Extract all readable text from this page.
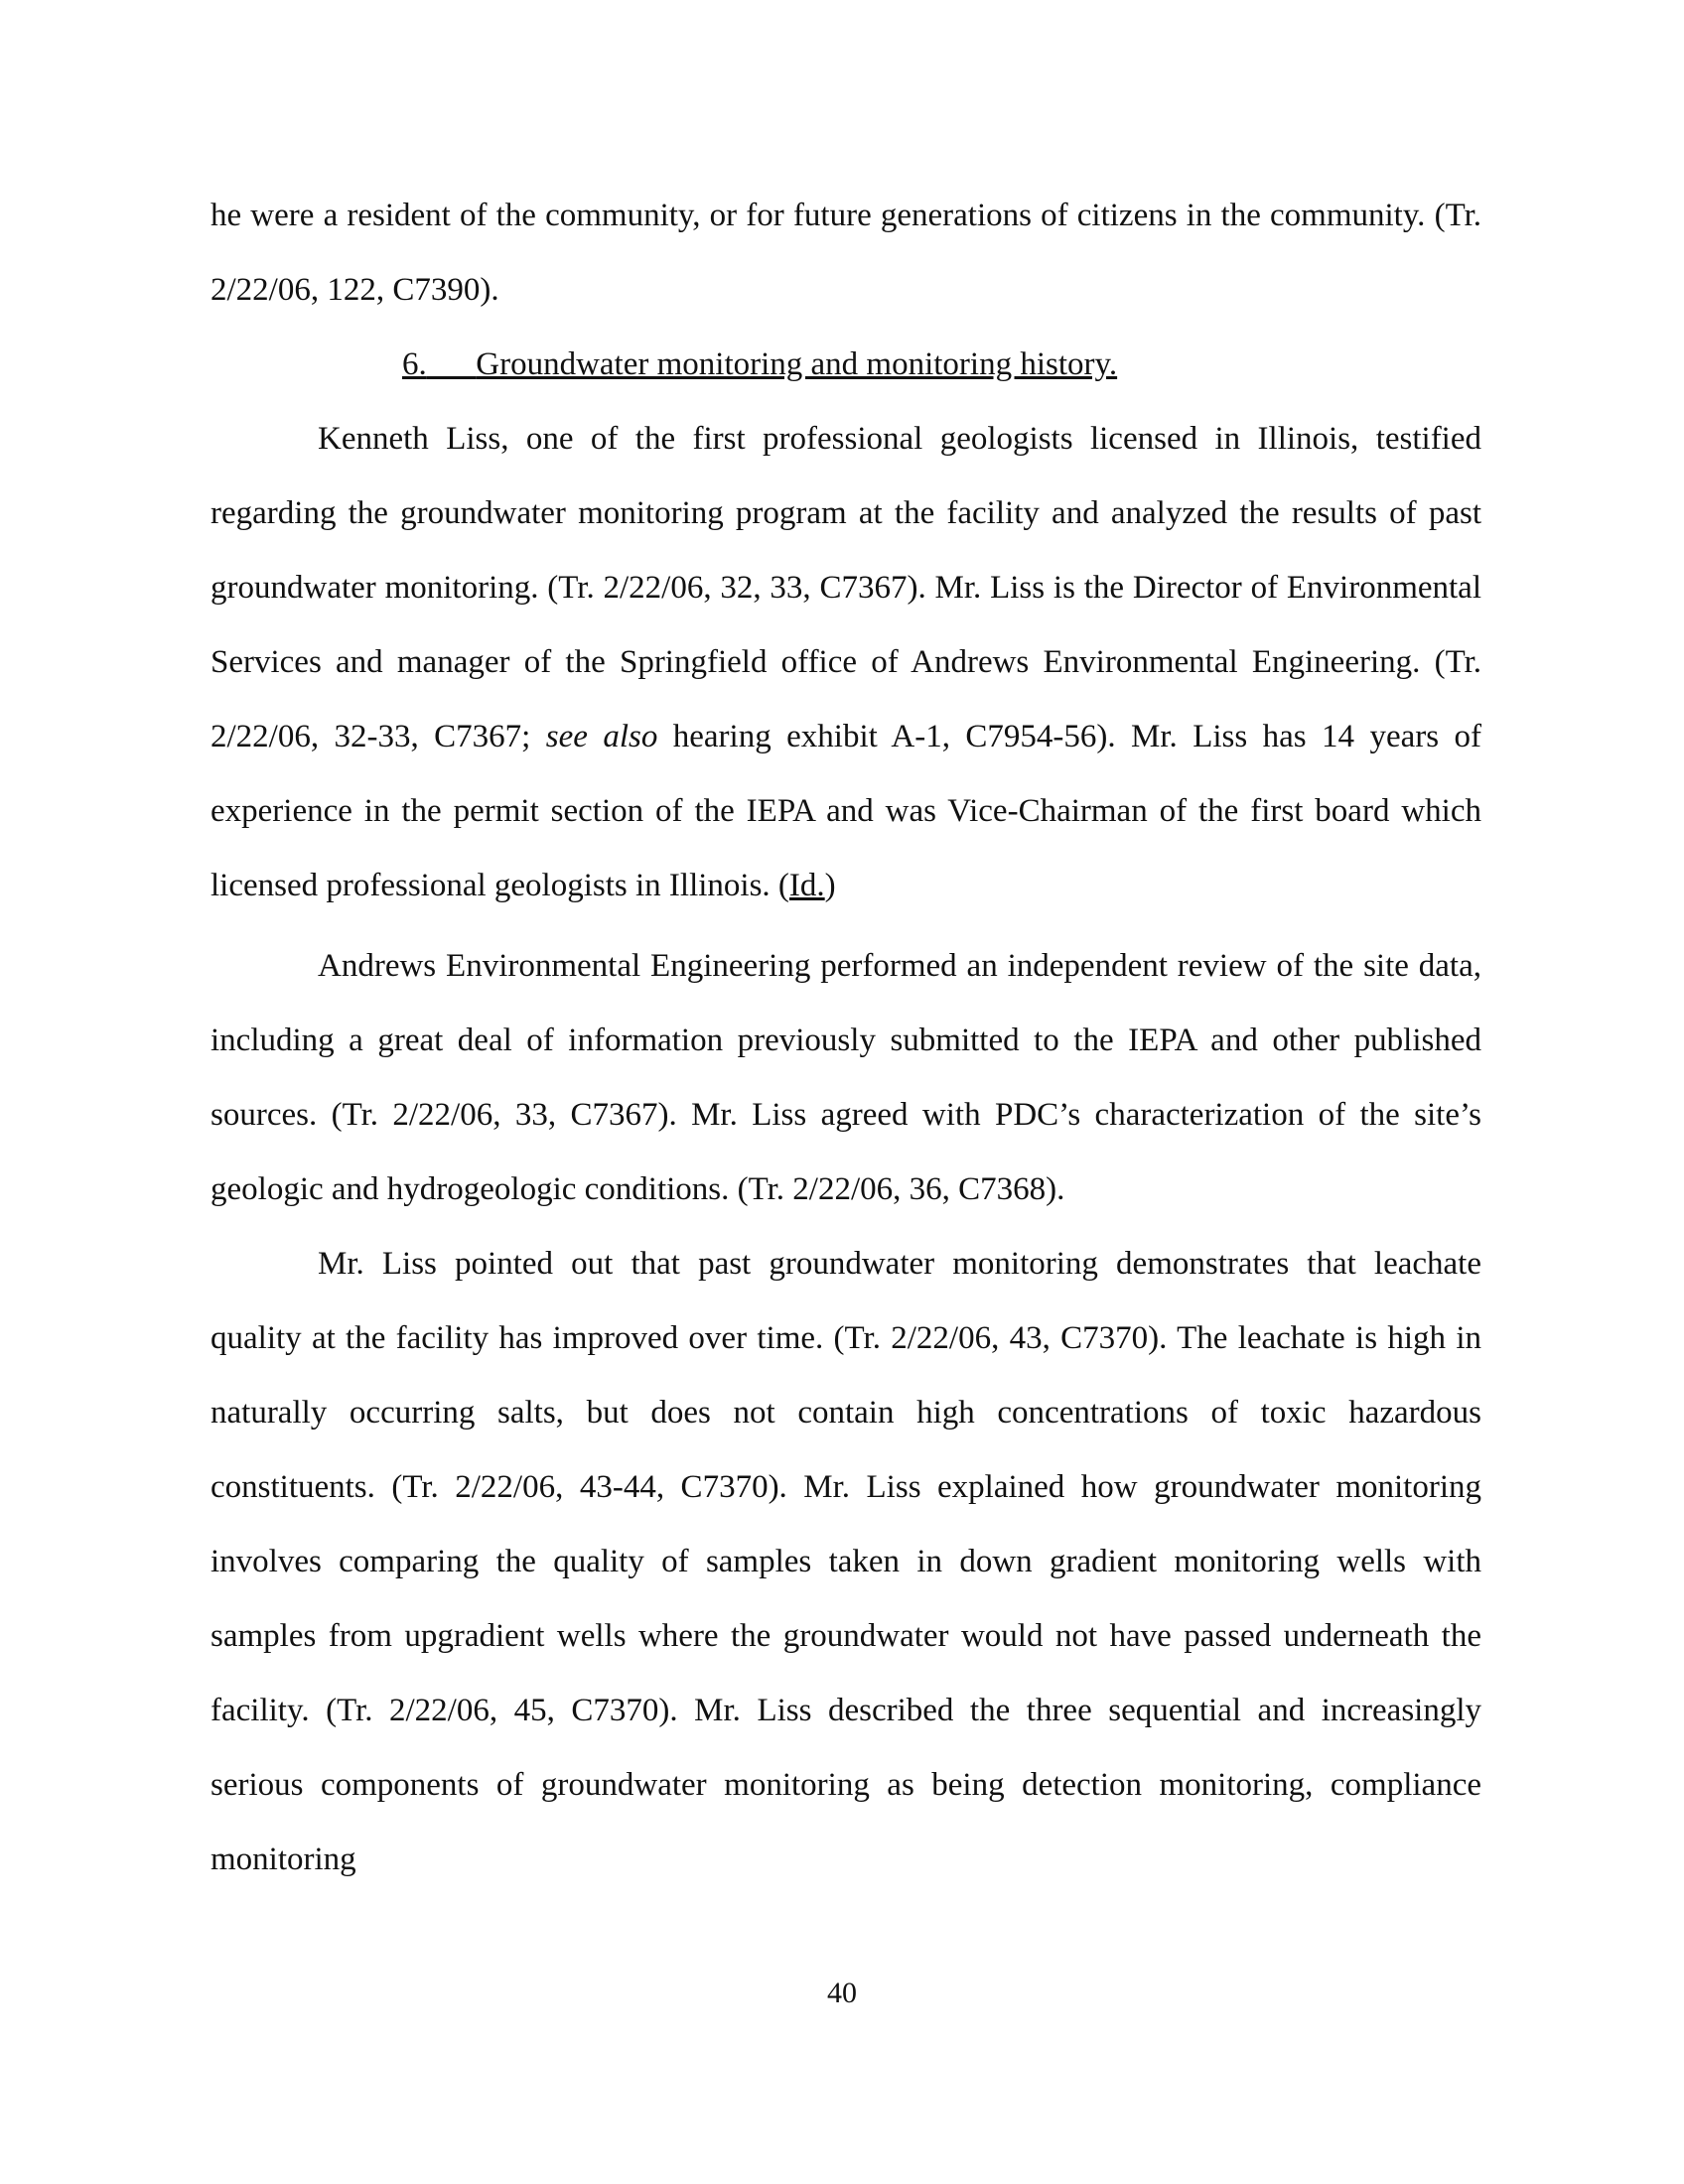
he were a resident of the community, or for future generations of citizens in the community. (Tr. 2/22/06, 122, C7390).

6. Groundwater monitoring and monitoring history.

Kenneth Liss, one of the first professional geologists licensed in Illinois, testified regarding the groundwater monitoring program at the facility and analyzed the results of past groundwater monitoring. (Tr. 2/22/06, 32, 33, C7367). Mr. Liss is the Director of Environmental Services and manager of the Springfield office of Andrews Environmental Engineering. (Tr. 2/22/06, 32-33, C7367; see also hearing exhibit A-1, C7954-56). Mr. Liss has 14 years of experience in the permit section of the IEPA and was Vice-Chairman of the first board which licensed professional geologists in Illinois. (Id.)

Andrews Environmental Engineering performed an independent review of the site data, including a great deal of information previously submitted to the IEPA and other published sources. (Tr. 2/22/06, 33, C7367). Mr. Liss agreed with PDC’s characterization of the site’s geologic and hydrogeologic conditions. (Tr. 2/22/06, 36, C7368).

Mr. Liss pointed out that past groundwater monitoring demonstrates that leachate quality at the facility has improved over time. (Tr. 2/22/06, 43, C7370). The leachate is high in naturally occurring salts, but does not contain high concentrations of toxic hazardous constituents. (Tr. 2/22/06, 43-44, C7370). Mr. Liss explained how groundwater monitoring involves comparing the quality of samples taken in down gradient monitoring wells with samples from upgradient wells where the groundwater would not have passed underneath the facility. (Tr. 2/22/06, 45, C7370). Mr. Liss described the three sequential and increasingly serious components of groundwater monitoring as being detection monitoring, compliance monitoring

40
